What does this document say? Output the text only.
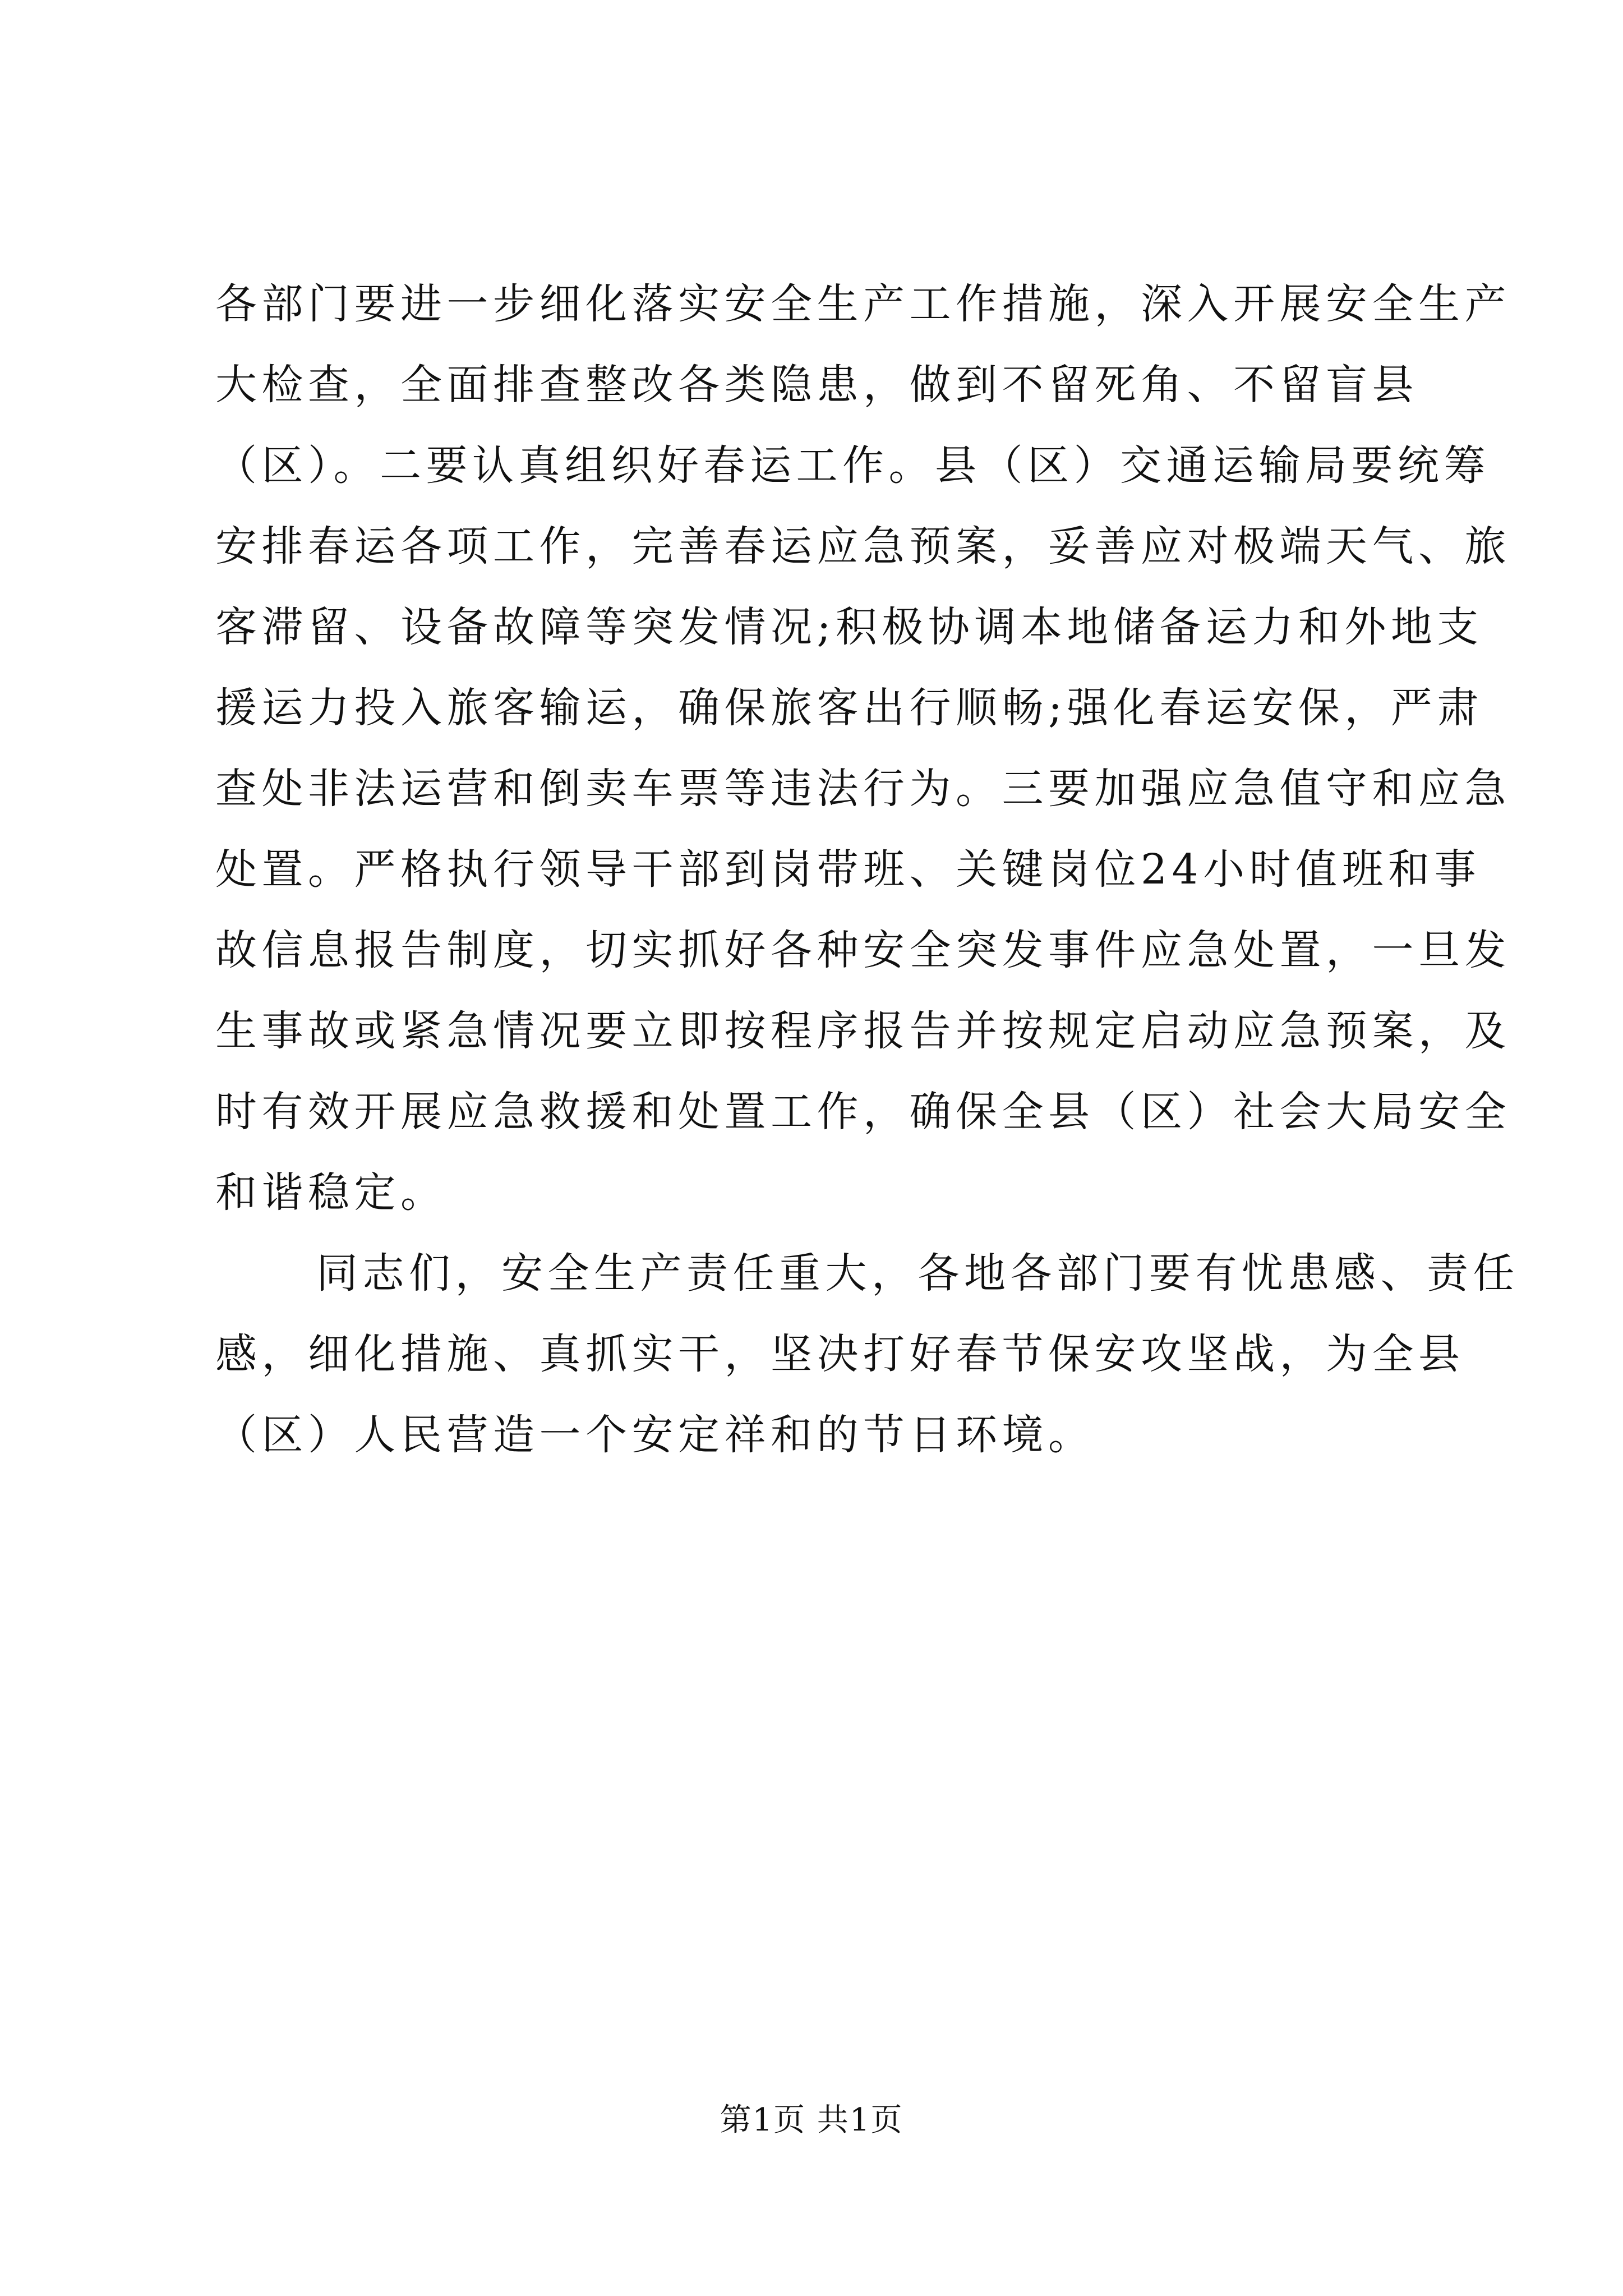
各部门要进一步细化落实安全生产工作措施，深入开展安全生产
大检查，全面排查整改各类隐患，做到不留死角、不留盲县
（区）。二要认真组织好春运工作。县（区）交通运输局要统筹
安排春运各项工作，完善春运应急预案，妥善应对极端天气、旅
客滞留、设备故障等突发情况;积极协调本地储备运力和外地支
援运力投入旅客输运，确保旅客出行顺畅;强化春运安保，严肃
查处非法运营和倒卖车票等违法行为。三要加强应急值守和应急
处置。严格执行领导干部到岗带班、关键岗位24小时值班和事
故信息报告制度，切实抓好各种安全突发事件应急处置，一旦发
生事故或紧急情况要立即按程序报告并按规定启动应急预案，及
时有效开展应急救援和处置工作，确保全县（区）社会大局安全
和谐稳定。
同志们，安全生产责任重大，各地各部门要有忧患感、责任
感，细化措施、真抓实干，坚决打好春节保安攻坚战，为全县
（区）人民营造一个安定祥和的节日环境。
第1页 共1页
